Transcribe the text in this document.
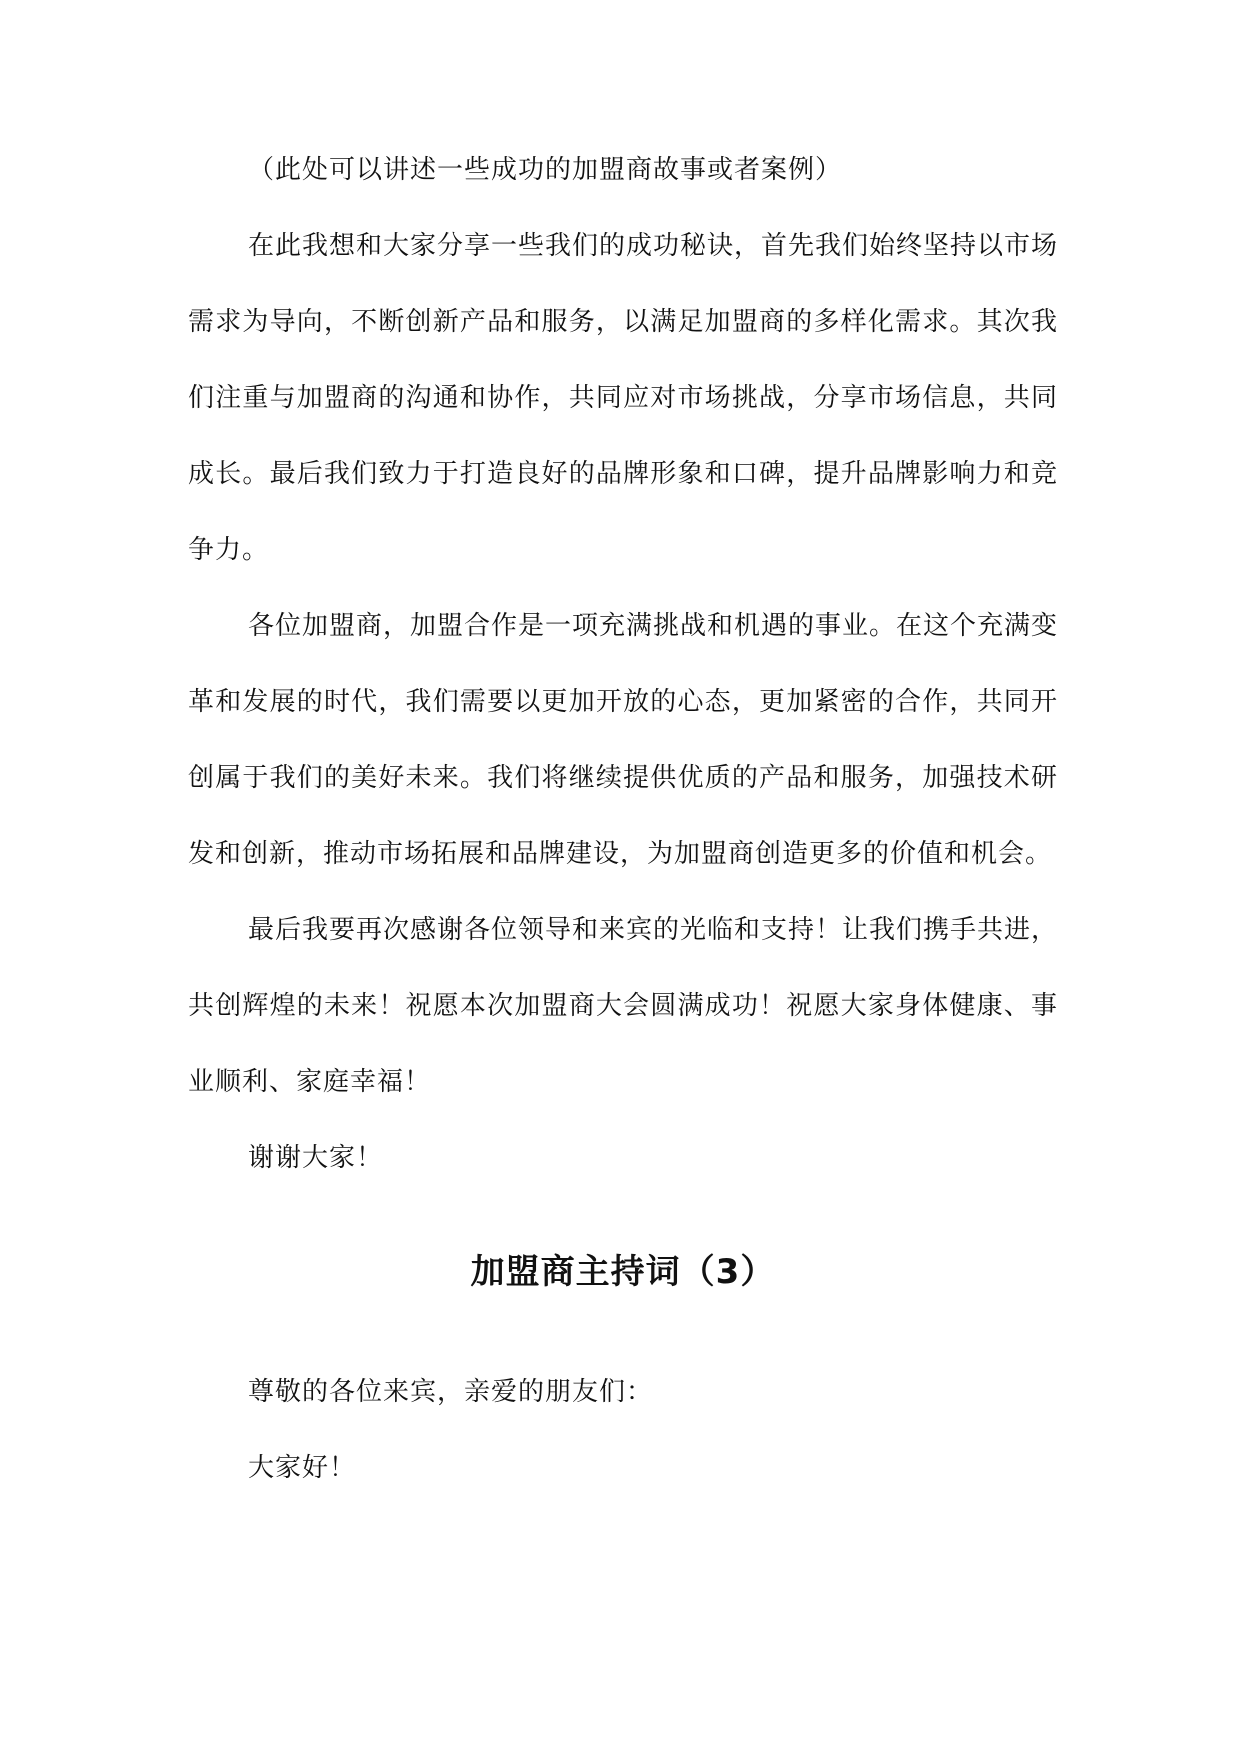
（此处可以讲述一些成功的加盟商故事或者案例）

在此我想和大家分享一些我们的成功秘诀，首先我们始终坚持以市场需求为导向，不断创新产品和服务，以满足加盟商的多样化需求。其次我们注重与加盟商的沟通和协作，共同应对市场挑战，分享市场信息，共同成长。最后我们致力于打造良好的品牌形象和口碑，提升品牌影响力和竞争力。

各位加盟商，加盟合作是一项充满挑战和机遇的事业。在这个充满变革和发展的时代，我们需要以更加开放的心态，更加紧密的合作，共同开创属于我们的美好未来。我们将继续提供优质的产品和服务，加强技术研发和创新，推动市场拓展和品牌建设，为加盟商创造更多的价值和机会。

最后我要再次感谢各位领导和来宾的光临和支持！让我们携手共进，共创辉煌的未来！祝愿本次加盟商大会圆满成功！祝愿大家身体健康、事业顺利、家庭幸福！

谢谢大家！

加盟商主持词（3）

尊敬的各位来宾，亲爱的朋友们：

大家好！
